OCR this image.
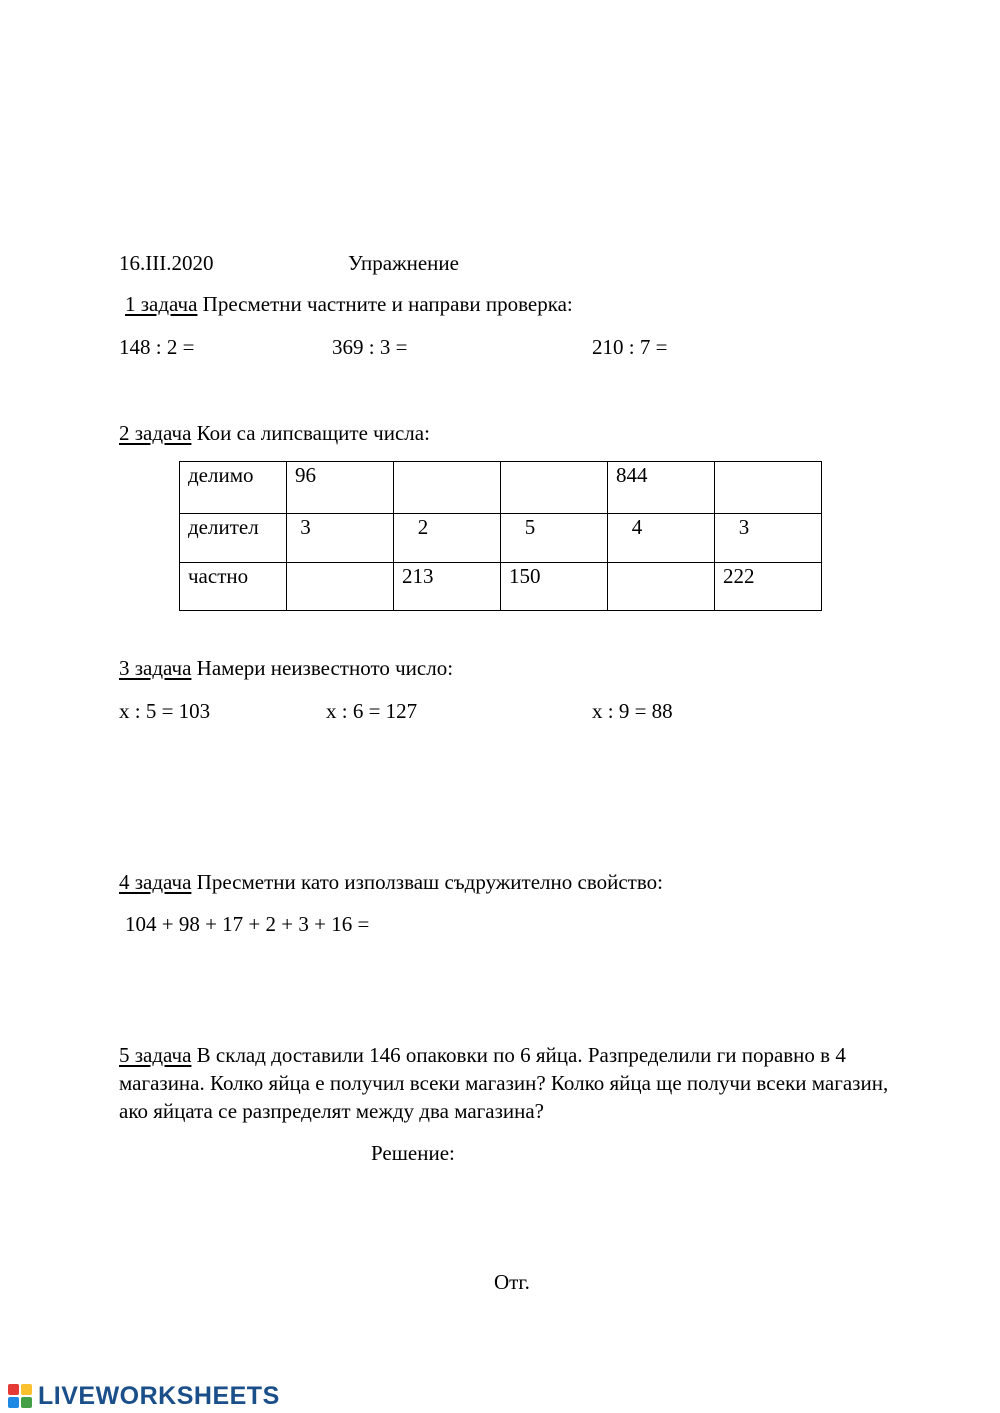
16.III.2020	Упражнение
1 задача Пресметни частните и направи проверка:
148 : 2 =	369 : 3 =	210 : 7 =
2 задача Кои са липсващите числа:
делимо	96			844	
делител	3	2	5	4	3
частно		213	150		222
3 задача Намери неизвестното число:
x : 5 = 103	x : 6 = 127	x : 9 = 88
4 задача Пресметни като използваш съдружително свойство:
104 + 98 + 17 + 2 + 3 + 16 =
5 задача В склад доставили 146 опаковки по 6 яйца. Разпределили ги поравно в 4 магазина. Колко яйца е получил всеки магазин? Колко яйца ще получи всеки магазин, ако яйцата се разпределят между два магазина?
Решение:
Отг.
LIVEWORKSHEETS
